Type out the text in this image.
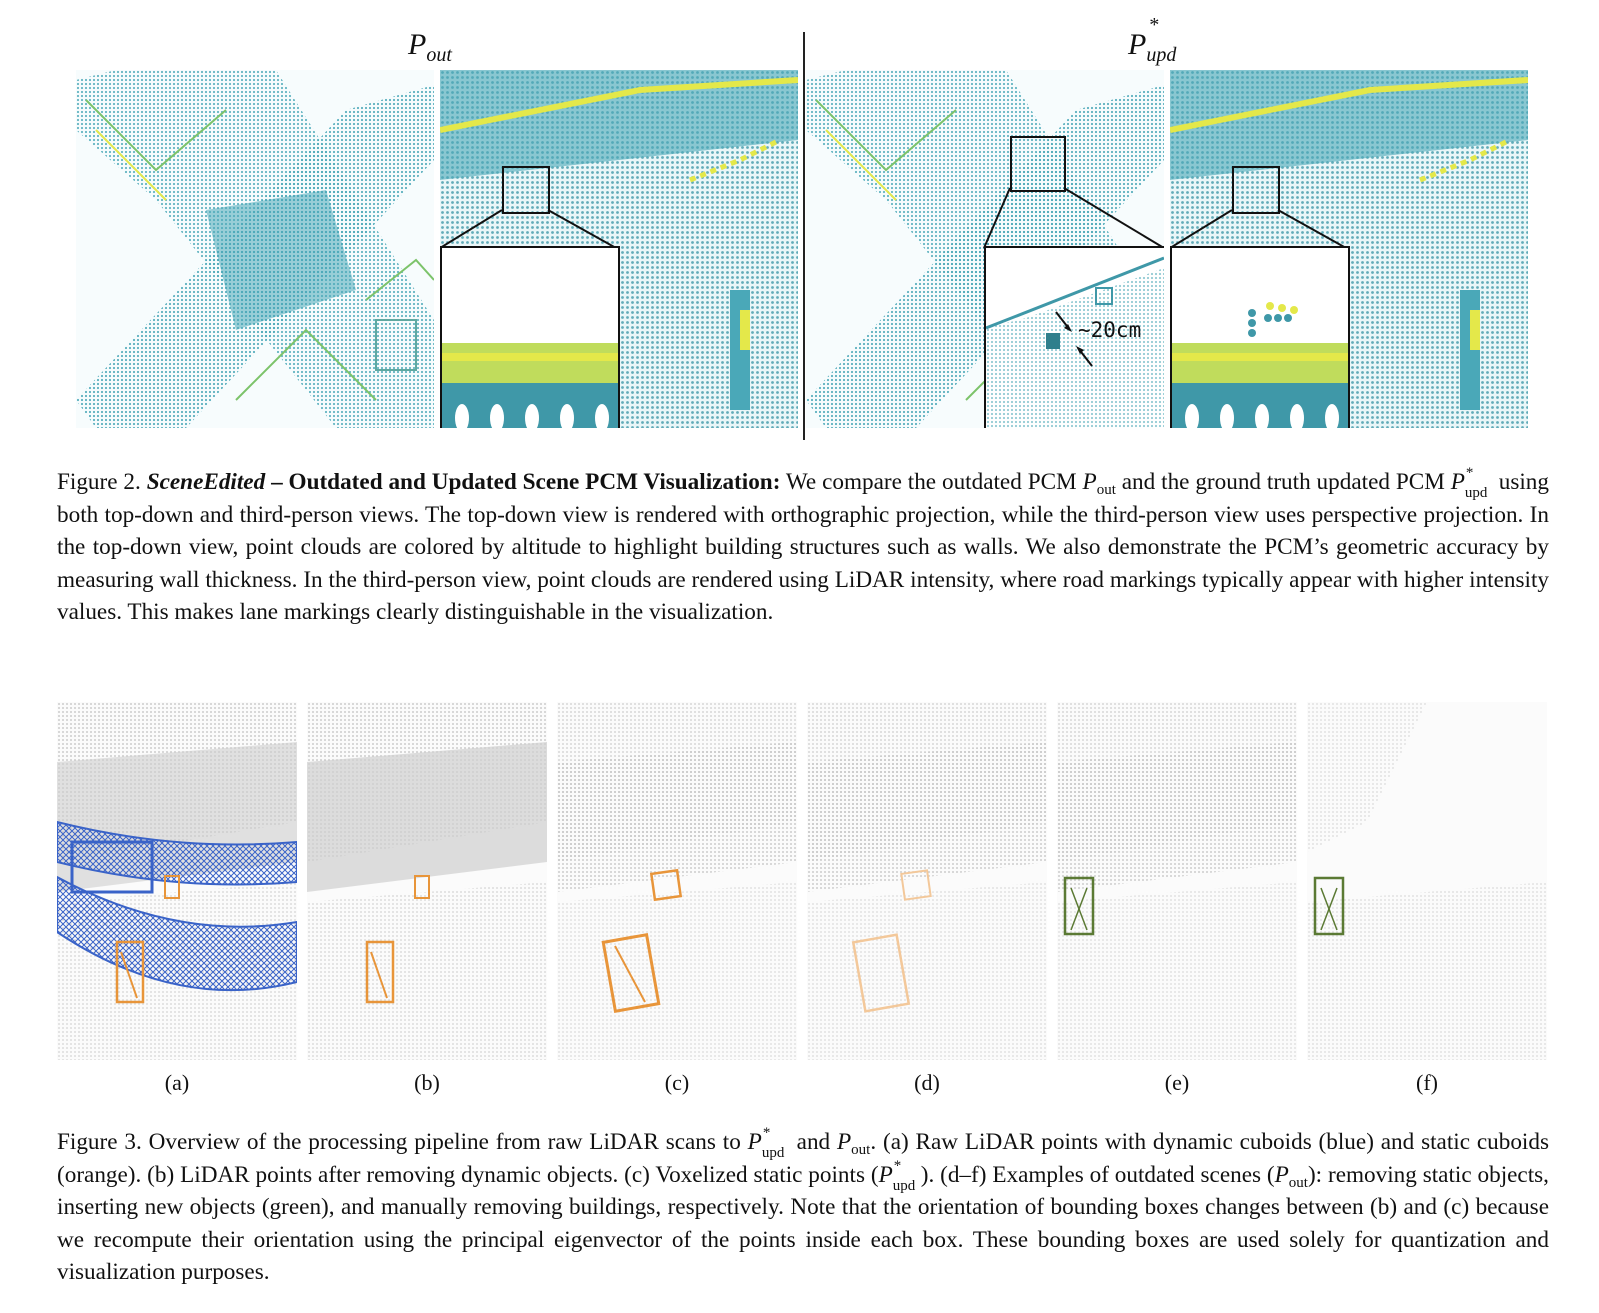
$P_{out}$	P
*
$_{upd}$
~20cm
Figure 2. SceneEdited – Outdated and Updated Scene PCM Visualization: We compare the outdated PCM $P_{out}$ and the ground truth updated PCM P *
upd using both top-down and third-person views. The top-down view is rendered with orthographic projection, while the third-person view uses perspective projection. In the top-down view, point clouds are colored by altitude to highlight building structures such as walls. We also demonstrate the PCM’s geometric accuracy by measuring wall thickness. In the third-person view, point clouds are rendered using LiDAR intensity, where road markings typically appear with higher intensity values. This makes lane markings clearly distinguishable in the visualization.
(a)	(b)	(c)	(d)	(e)	(f)
Figure 3. Overview of the processing pipeline from raw LiDAR scans to P *
upd and $P_{out}$. (a) Raw LiDAR points with dynamic cuboids (blue) and static cuboids (orange). (b) LiDAR points after removing dynamic objects. (c) Voxelized static points (P *
upd ). (d–f) Examples of outdated scenes $(P_{out})$: removing static objects, inserting new objects (green), and manually removing buildings, respectively. Note that the orientation of bounding boxes changes between (b) and (c) because we recompute their orientation using the principal eigenvector of the points inside each box. These bounding boxes are used solely for quantization and visualization purposes.
